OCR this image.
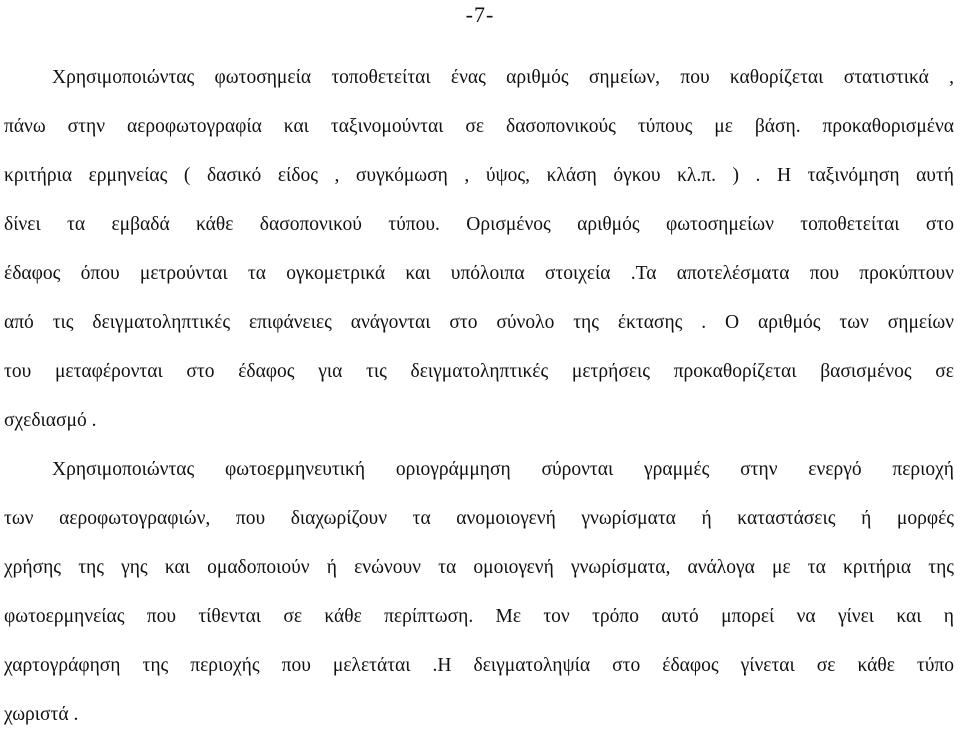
-7-
Χρησιμοποιώντας φωτοσημεία τοποθετείται ένας αριθμός σημείων, που καθορίζεται στατιστικά ,
πάνω στην αεροφωτογραφία και ταξινομούνται σε δασοπονικούς τύπους με βάση. προκαθορισμένα
κριτήρια ερμηνείας ( δασικό είδος , συγκόμωση , ύψος, κλάση όγκου κλ.π. ) . Η ταξινόμηση αυτή
δίνει τα εμβαδά κάθε δασοπονικού τύπου. Ορισμένος αριθμός φωτοσημείων τοποθετείται στο
έδαφος όπου μετρούνται τα ογκομετρικά και υπόλοιπα στοιχεία .Τα αποτελέσματα που προκύπτουν
από τις δειγματοληπτικές επιφάνειες ανάγονται στο σύνολο της έκτασης . Ο αριθμός των σημείων
του μεταφέρονται στο έδαφος για τις δειγματοληπτικές μετρήσεις προκαθορίζεται βασισμένος σε
σχεδιασμό .
Χρησιμοποιώντας φωτοερμηνευτική οριογράμμηση σύρονται γραμμές στην ενεργό περιοχή
των αεροφωτογραφιών, που διαχωρίζουν τα ανομοιογενή γνωρίσματα ή καταστάσεις ή μορφές
χρήσης της γης και ομαδοποιούν ή ενώνουν τα ομοιογενή γνωρίσματα, ανάλογα με τα κριτήρια της
φωτοερμηνείας που τίθενται σε κάθε περίπτωση. Με τον τρόπο αυτό μπορεί να γίνει και η
χαρτογράφηση της περιοχής που μελετάται .Η δειγματοληψία στο έδαφος γίνεται σε κάθε τύπο
χωριστά .
